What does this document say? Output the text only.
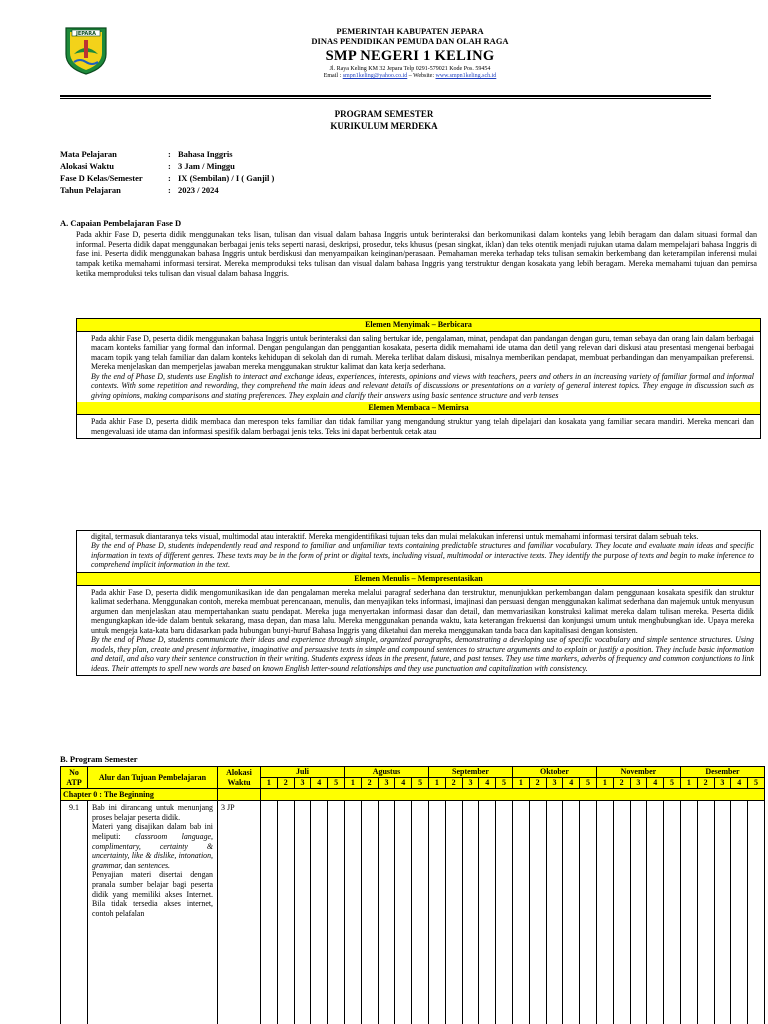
JEPARA	PEMERINTAH KABUPATEN JEPARA
DINAS PENDIDIKAN PEMUDA DAN OLAH RAGA
SMP NEGERI 1 KELING
Jl. Raya Keling KM 32 Jepara Telp 0291-579021 Kode Pos. 59454
Email : smpn1keling@yahoo.co.id – Website: www.smpn1keling.sch.id
PROGRAM SEMESTER
KURIKULUM MERDEKA
Mata Pelajaran	:	Bahasa Inggris
Alokasi Waktu	:	3 Jam / Minggu
Fase D Kelas/Semester	:	IX (Sembilan) / I ( Ganjil )
Tahun Pelajaran	:	2023 / 2024
A. Capaian Pembelajaran Fase D
Pada akhir Fase D, peserta didik menggunakan teks lisan, tulisan dan visual dalam bahasa Inggris untuk berinteraksi dan berkomunikasi dalam konteks yang lebih beragam dan dalam situasi formal dan informal. Peserta didik dapat menggunakan berbagai jenis teks seperti narasi, deskripsi, prosedur, teks khusus (pesan singkat, iklan) dan teks otentik menjadi rujukan utama dalam mempelajari bahasa Inggris di fase ini. Peserta didik menggunakan bahasa Inggris untuk berdiskusi dan menyampaikan keinginan/perasaan. Pemahaman mereka terhadap teks tulisan semakin berkembang dan keterampilan inferensi mulai tampak ketika memahami informasi tersirat. Mereka memproduksi teks tulisan dan visual dalam bahasa Inggris yang terstruktur dengan kosakata yang lebih beragam. Mereka memahami tujuan dan pemirsa ketika memproduksi teks tulisan dan visual dalam bahasa Inggris.
Elemen Menyimak – Berbicara

Pada akhir Fase D, peserta didik menggunakan bahasa Inggris untuk berinteraksi dan saling bertukar ide, pengalaman, minat, pendapat dan pandangan dengan guru, teman sebaya dan orang lain dalam berbagai macam konteks familiar yang formal dan informal. Dengan pengulangan dan penggantian kosakata, peserta didik memahami ide utama dan detil yang relevan dari diskusi atau presentasi mengenai berbagai macam topik yang telah familiar dan dalam konteks kehidupan di sekolah dan di rumah. Mereka terlibat dalam diskusi, misalnya memberikan pendapat, membuat perbandingan dan menyampaikan preferensi. Mereka menjelaskan dan memperjelas jawaban mereka menggunakan struktur kalimat dan kata kerja sederhana.

By the end of Phase D, students use English to interact and exchange ideas, experiences, interests, opinions and views with teachers, peers and others in an increasing variety of familiar formal and informal contexts. With some repetition and rewording, they comprehend the main ideas and relevant details of discussions or presentations on a variety of general interest topics. They engage in discussion such as giving opinions, making comparisons and stating preferences. They explain and clarify their answers using basic sentence structure and verb tenses

Elemen Membaca – Memirsa

Pada akhir Fase D, peserta didik membaca dan merespon teks familiar dan tidak familiar yang mengandung struktur yang telah dipelajari dan kosakata yang familiar secara mandiri. Mereka mencari dan mengevaluasi ide utama dan informasi spesifik dalam berbagai jenis teks. Teks ini dapat berbentuk cetak atau

digital, termasuk diantaranya teks visual, multimodal atau interaktif. Mereka mengidentifikasi tujuan teks dan mulai melakukan inferensi untuk memahami informasi tersirat dalam sebuah teks.

By the end of Phase D, students independently read and respond to familiar and unfamiliar texts containing predictable structures and familiar vocabulary. They locate and evaluate main ideas and specific information in texts of different genres. These texts may be in the form of print or digital texts, including visual, multimodal or interactive texts. They identify the purpose of texts and begin to make inference to comprehend implicit information in the text.

Elemen Menulis – Mempresentasikan

Pada akhir Fase D, peserta didik mengomunikasikan ide dan pengalaman mereka melalui paragraf sederhana dan terstruktur, menunjukkan perkembangan dalam penggunaan kosakata spesifik dan struktur kalimat sederhana. Menggunakan contoh, mereka membuat perencanaan, menulis, dan menyajikan teks informasi, imajinasi dan persuasi dengan menggunakan kalimat sederhana dan majemuk untuk menyusun argumen dan menjelaskan atau mempertahankan suatu pendapat. Mereka juga menyertakan informasi dasar dan detail, dan memvariasikan konstruksi kalimat mereka dalam tulisan mereka. Peserta didik mengungkapkan ide-ide dalam bentuk sekarang, masa depan, dan masa lalu. Mereka menggunakan penanda waktu, kata keterangan frekuensi dan konjungsi umum untuk menghubungkan ide. Upaya mereka untuk mengeja kata-kata baru didasarkan pada hubungan bunyi-huruf Bahasa Inggris yang diketahui dan mereka menggunakan tanda baca dan kapitalisasi dengan konsisten.

By the end of Phase D, students communicate their ideas and experience through simple, organized paragraphs, demonstrating a developing use of specific vocabulary and simple sentence structures. Using models, they plan, create and present informative, imaginative and persuasive texts in simple and compound sentences to structure arguments and to explain or justify a position. They include basic information and detail, and also vary their sentence construction in their writing. Students express ideas in the present, future, and past tenses. They use time markers, adverbs of frequency and common conjunctions to link ideas. Their attempts to spell new words are based on known English letter-sound relationships and they use punctuation and capitalization with consistency.

B. Program Semester
No ATP	Alur dan Tujuan Pembelajaran	Alokasi Waktu	Juli					Agustus					September					Oktober					November					Desember				
			1	2	3	4	5	1	2	3	4	5	1	2	3	4	5	1	2	3	4	5	1	2	3	4	5	1	2	3	4	5
Chapter 0 : The Beginning																																
9.1	Bab ini dirancang untuk menunjang proses belajar peserta didik.

Materi yang disajikan dalam bab ini meliputi: classroom language, complimentary, certainty & uncertainty, like & dislike, intonation, grammar, dan sentences.

Penyajian materi disertai dengan pranala sumber belajar bagi peserta didik yang memiliki akses Internet. Bila tidak tersedia akses internet, contoh pelafalan	3 JP																														
